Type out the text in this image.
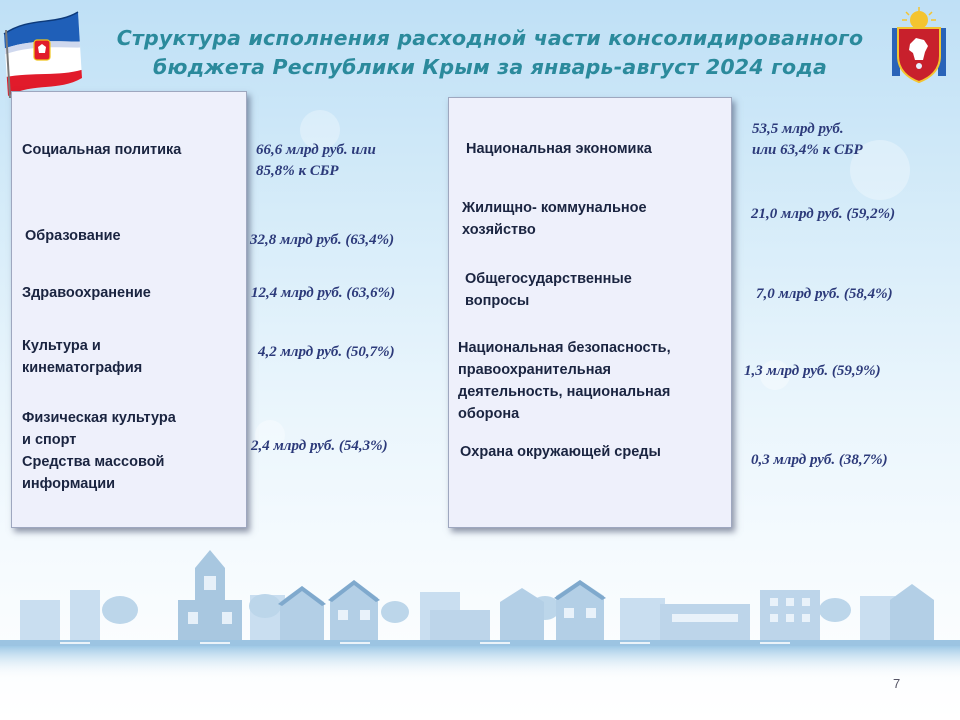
Структура исполнения расходной части консолидированного
бюджета Республики Крым за январь-август 2024 года
Социальная политика
Образование
Здравоохранение
Культура и
кинематография
Физическая культура
и спорт
Средства массовой
информации
66,6 млрд руб. или
85,8% к СБР
32,8 млрд руб. (63,4%)
12,4 млрд руб. (63,6%)
4,2 млрд руб. (50,7%)
2,4 млрд руб. (54,3%)
Национальная экономика
Жилищно- коммунальное
хозяйство
Общегосударственные
вопросы
Национальная безопасность,
правоохранительная
деятельность, национальная
оборона
Охрана окружающей среды
53,5 млрд руб.
или 63,4% к СБР
21,0 млрд руб. (59,2%)
7,0 млрд руб. (58,4%)
1,3 млрд руб. (59,9%)
0,3 млрд руб. (38,7%)
7
